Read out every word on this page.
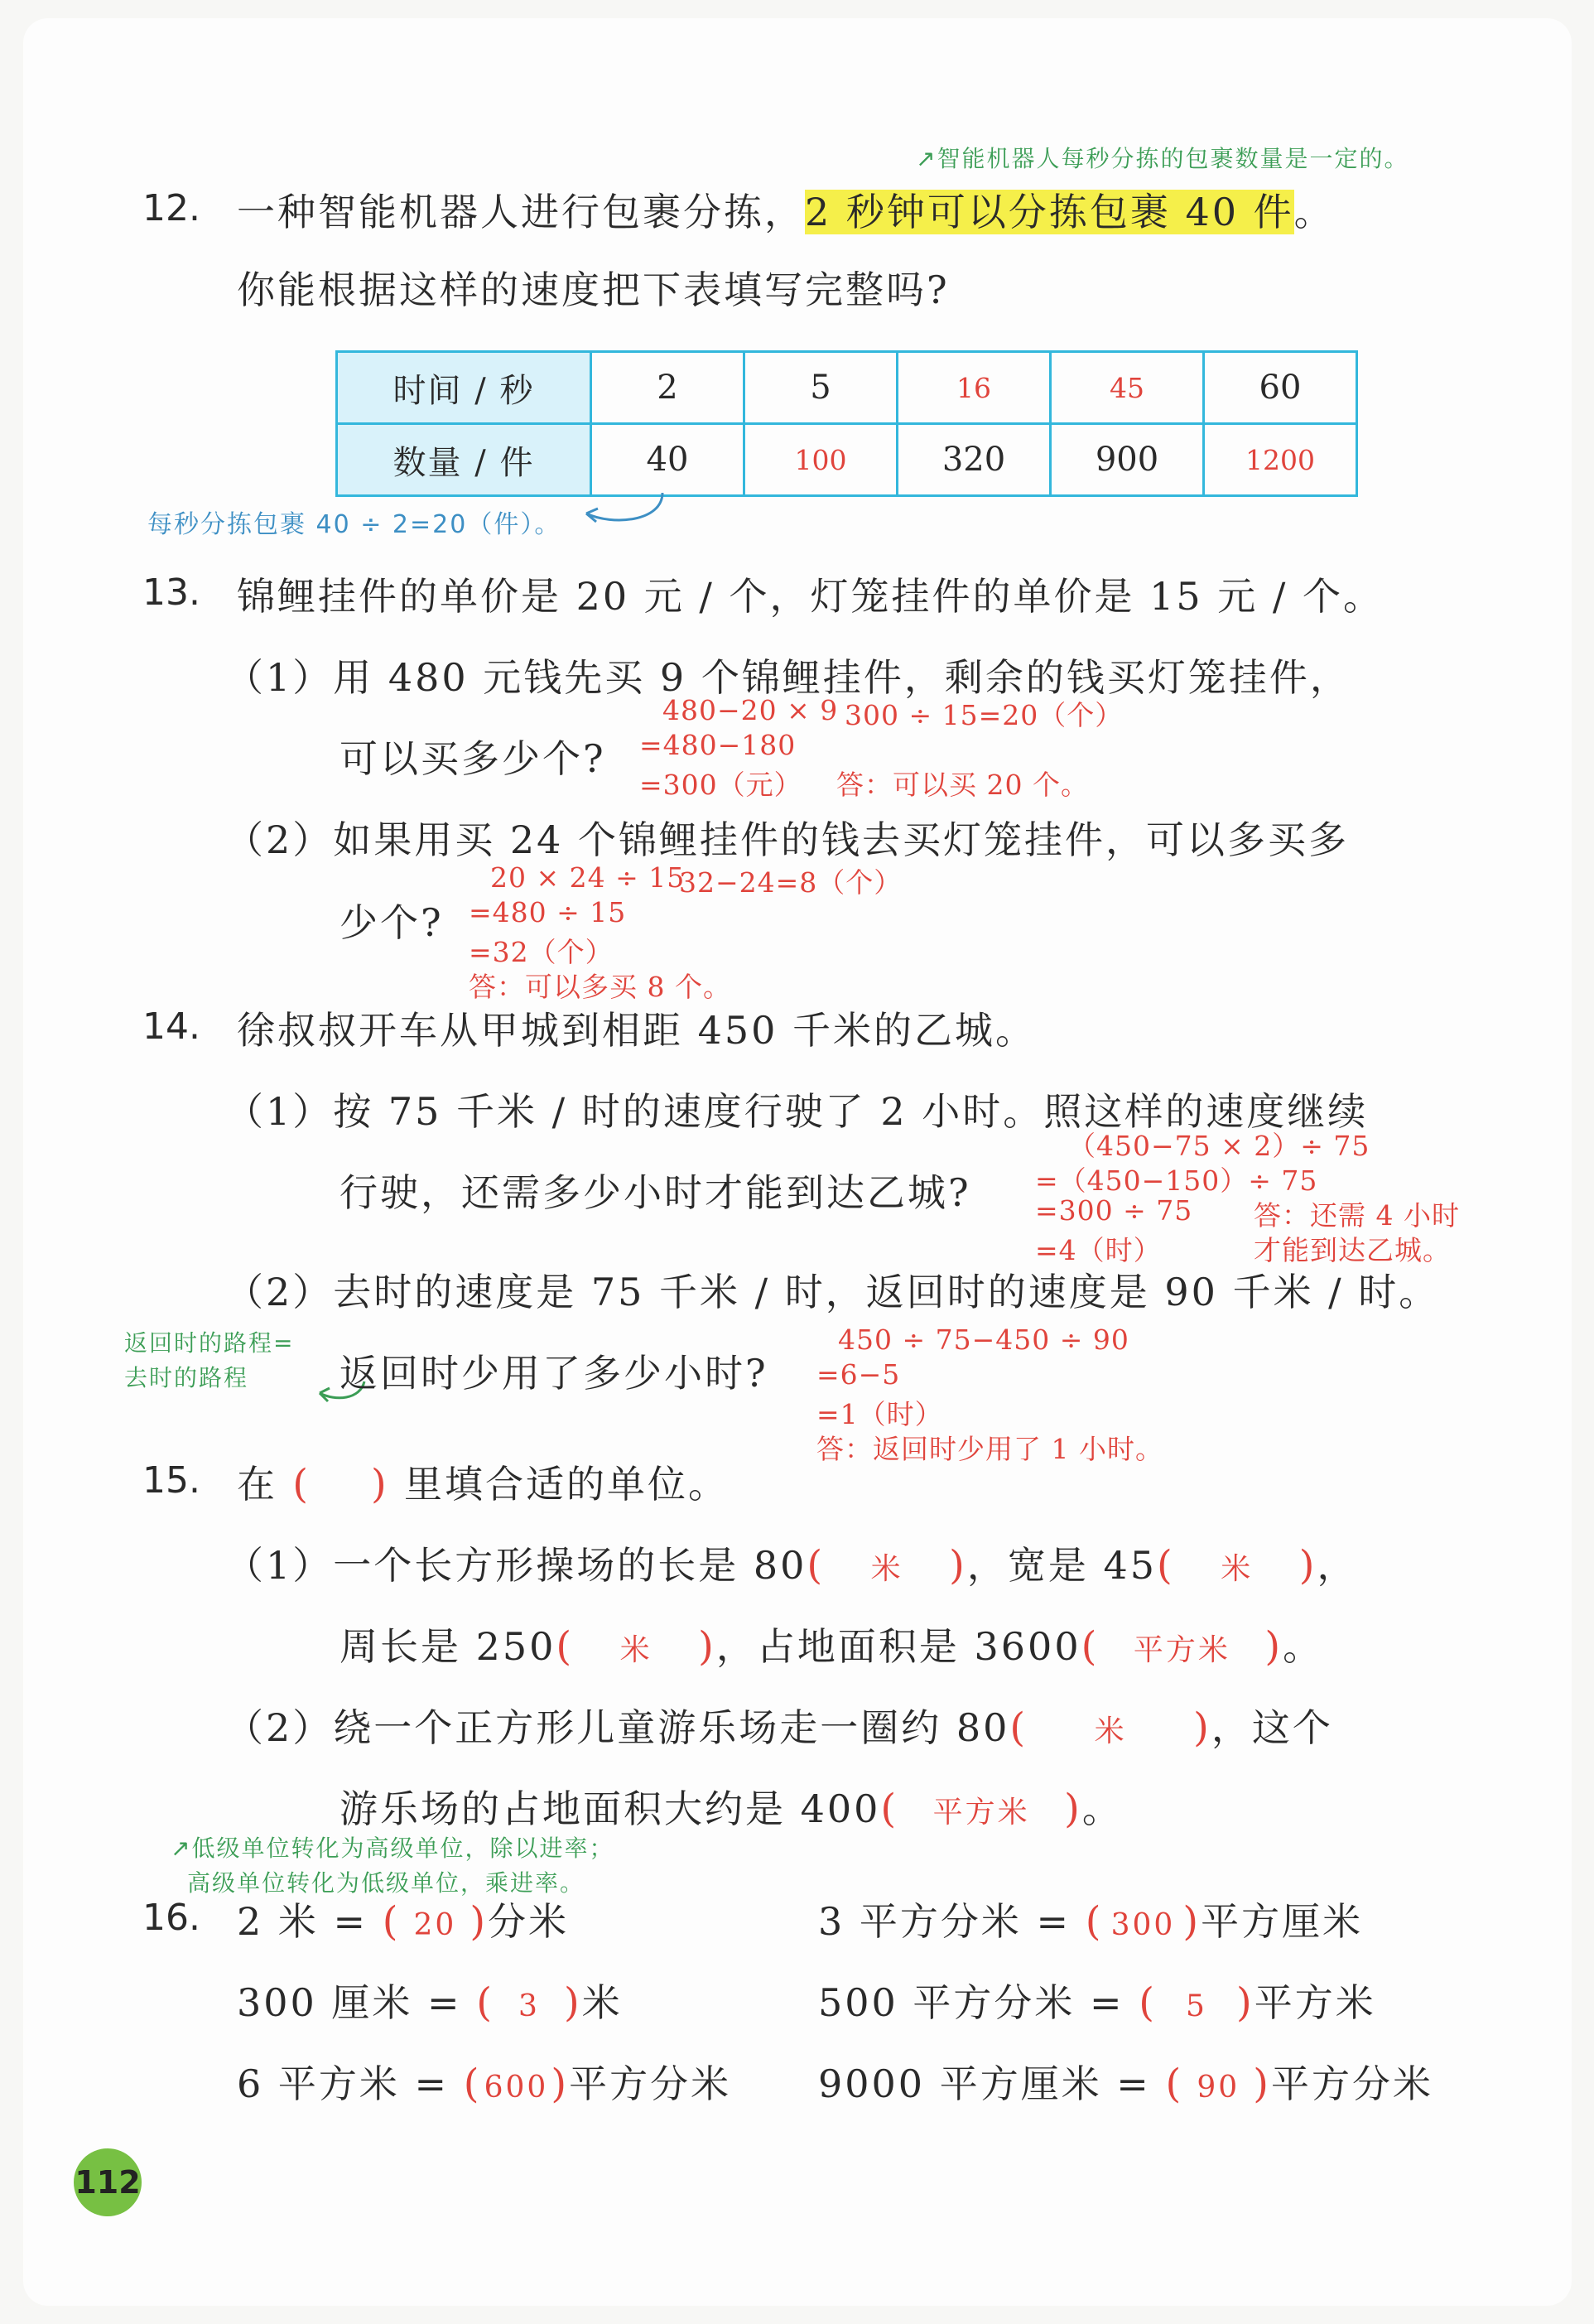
↗智能机器人每秒分拣的包裹数量是一定的。
12. 一种智能机器人进行包裹分拣，2 秒钟可以分拣包裹 40 件。
你能根据这样的速度把下表填写完整吗?
时间 / 秒	2	5	16	45	60
数量 / 件	40	100	320	900	1200
每秒分拣包裹 40 ÷ 2=20（件）。
13. 锦鲤挂件的单价是 20 元 / 个，灯笼挂件的单价是 15 元 / 个。
（1）用 480 元钱先买 9 个锦鲤挂件，剩余的钱买灯笼挂件，
480−20 × 9 300 ÷ 15=20（个）
可以买多少个? =480−180
=300（元） 答：可以买 20 个。
（2）如果用买 24 个锦鲤挂件的钱去买灯笼挂件，可以多买多
20 × 24 ÷ 15
32−24=8（个）
少个? =480 ÷ 15
=32（个）
答：可以多买 8 个。
14. 徐叔叔开车从甲城到相距 450 千米的乙城。
（1）按 75 千米 / 时的速度行驶了 2 小时。照这样的速度继续
（450−75 × 2）÷ 75
行驶，还需多少小时才能到达乙城? =（450−150）÷ 75
=300 ÷ 75
=4（时）
答：还需 4 小时
才能到达乙城。
（2）去时的速度是 75 千米 / 时，返回时的速度是 90 千米 / 时。
返回时的路程=
去时的路程
450 ÷ 75−450 ÷ 90
返回时少用了多少小时? =6−5
=1（时）
答：返回时少用了 1 小时。
15. 在 (    ) 里填合适的单位。
（1）一个长方形操场的长是 80( 米 )，宽是 45( 米 )，
周长是 250( 米 )，占地面积是 3600( 平方米 )。
（2）绕一个正方形儿童游乐场走一圈约 80( 米 )，这个
游乐场的占地面积大约是 400( 平方米 )。
↗低级单位转化为高级单位，除以进率；
高级单位转化为低级单位，乘进率。
16. 2 米 = ( 20 )分米	3 平方分米 = ( 300 )平方厘米
300 厘米 = ( 3 )米	500 平方分米 = ( 5 )平方米
6 平方米 = (600)平方分米 9000 平方厘米 = ( 90 )平方分米
112
